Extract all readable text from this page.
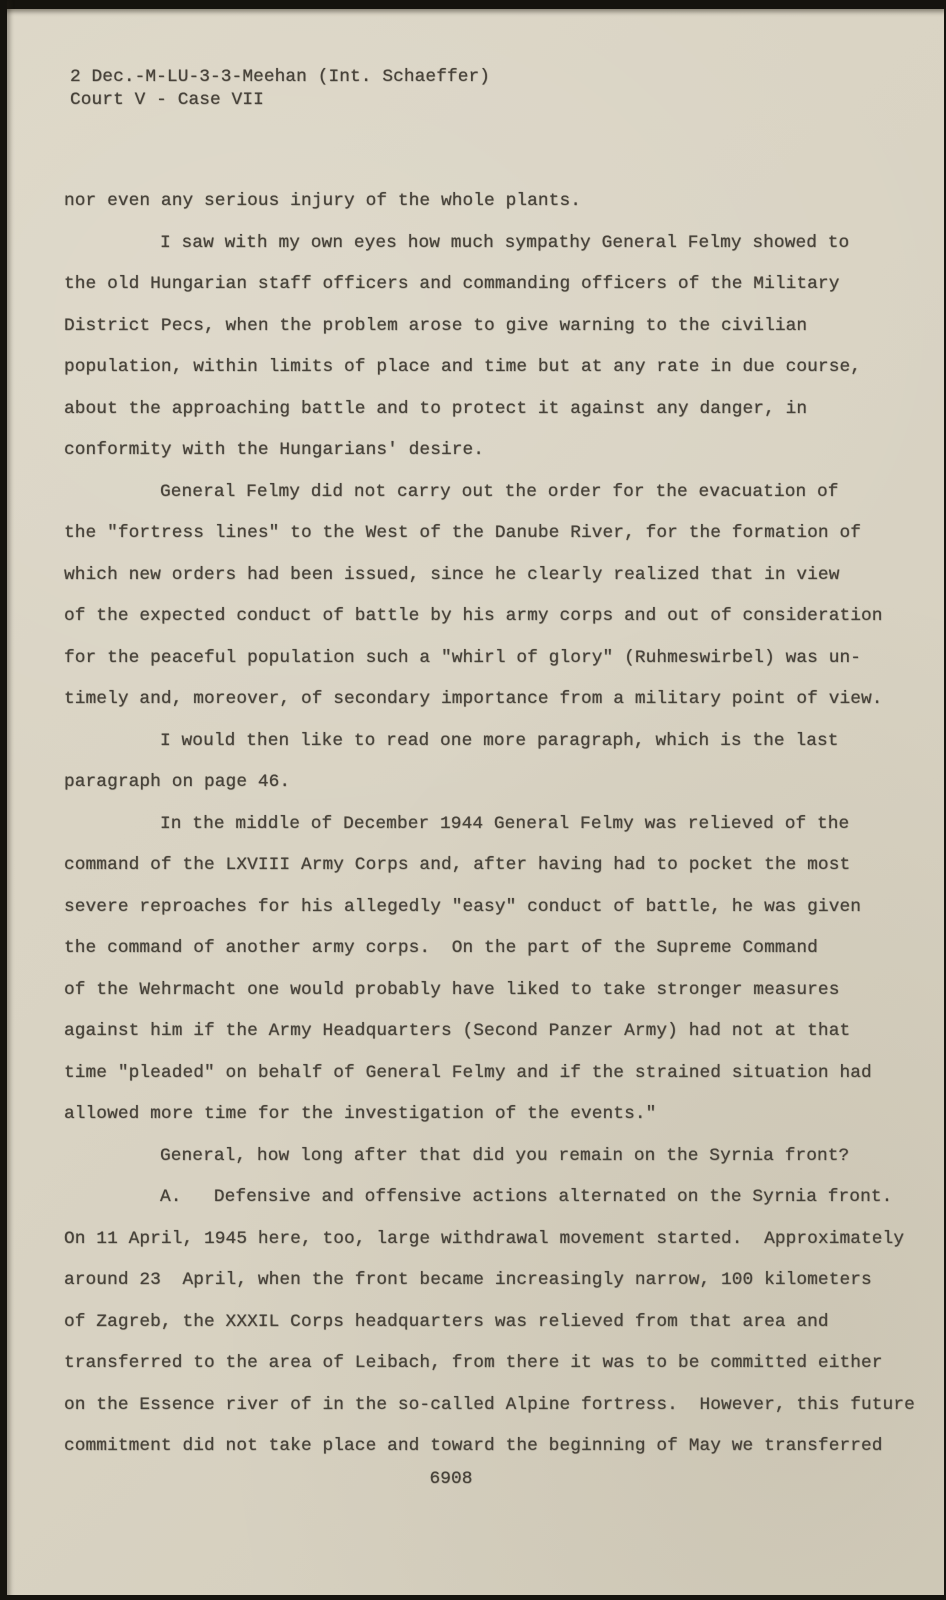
2 Dec.-M-LU-3-3-Meehan (Int. Schaeffer)
Court V - Case VII
nor even any serious injury of the whole plants.
I saw with my own eyes how much sympathy General Felmy showed to
the old Hungarian staff officers and commanding officers of the Military
District Pecs, when the problem arose to give warning to the civilian
population, within limits of place and time but at any rate in due course,
about the approaching battle and to protect it against any danger, in
conformity with the Hungarians' desire.
General Felmy did not carry out the order for the evacuation of
the "fortress lines" to the West of the Danube River, for the formation of
which new orders had been issued, since he clearly realized that in view
of the expected conduct of battle by his army corps and out of consideration
for the peaceful population such a "whirl of glory" (Ruhmeswirbel) was un-
timely and, moreover, of secondary importance from a military point of view.
I would then like to read one more paragraph, which is the last
paragraph on page 46.
In the middle of December 1944 General Felmy was relieved of the
command of the LXVIII Army Corps and, after having had to pocket the most
severe reproaches for his allegedly "easy" conduct of battle, he was given
the command of another army corps.  On the part of the Supreme Command
of the Wehrmacht one would probably have liked to take stronger measures
against him if the Army Headquarters (Second Panzer Army) had not at that
time "pleaded" on behalf of General Felmy and if the strained situation had
allowed more time for the investigation of the events."
General, how long after that did you remain on the Syrnia front?
A.   Defensive and offensive actions alternated on the Syrnia front.
On 11 April, 1945 here, too, large withdrawal movement started.  Approximately
around 23  April, when the front became increasingly narrow, 100 kilometers
of Zagreb, the XXXIL Corps headquarters was relieved from that area and
transferred to the area of Leibach, from there it was to be committed either
on the Essence river of in the so-called Alpine fortress.  However, this future
commitment did not take place and toward the beginning of May we transferred
6908
